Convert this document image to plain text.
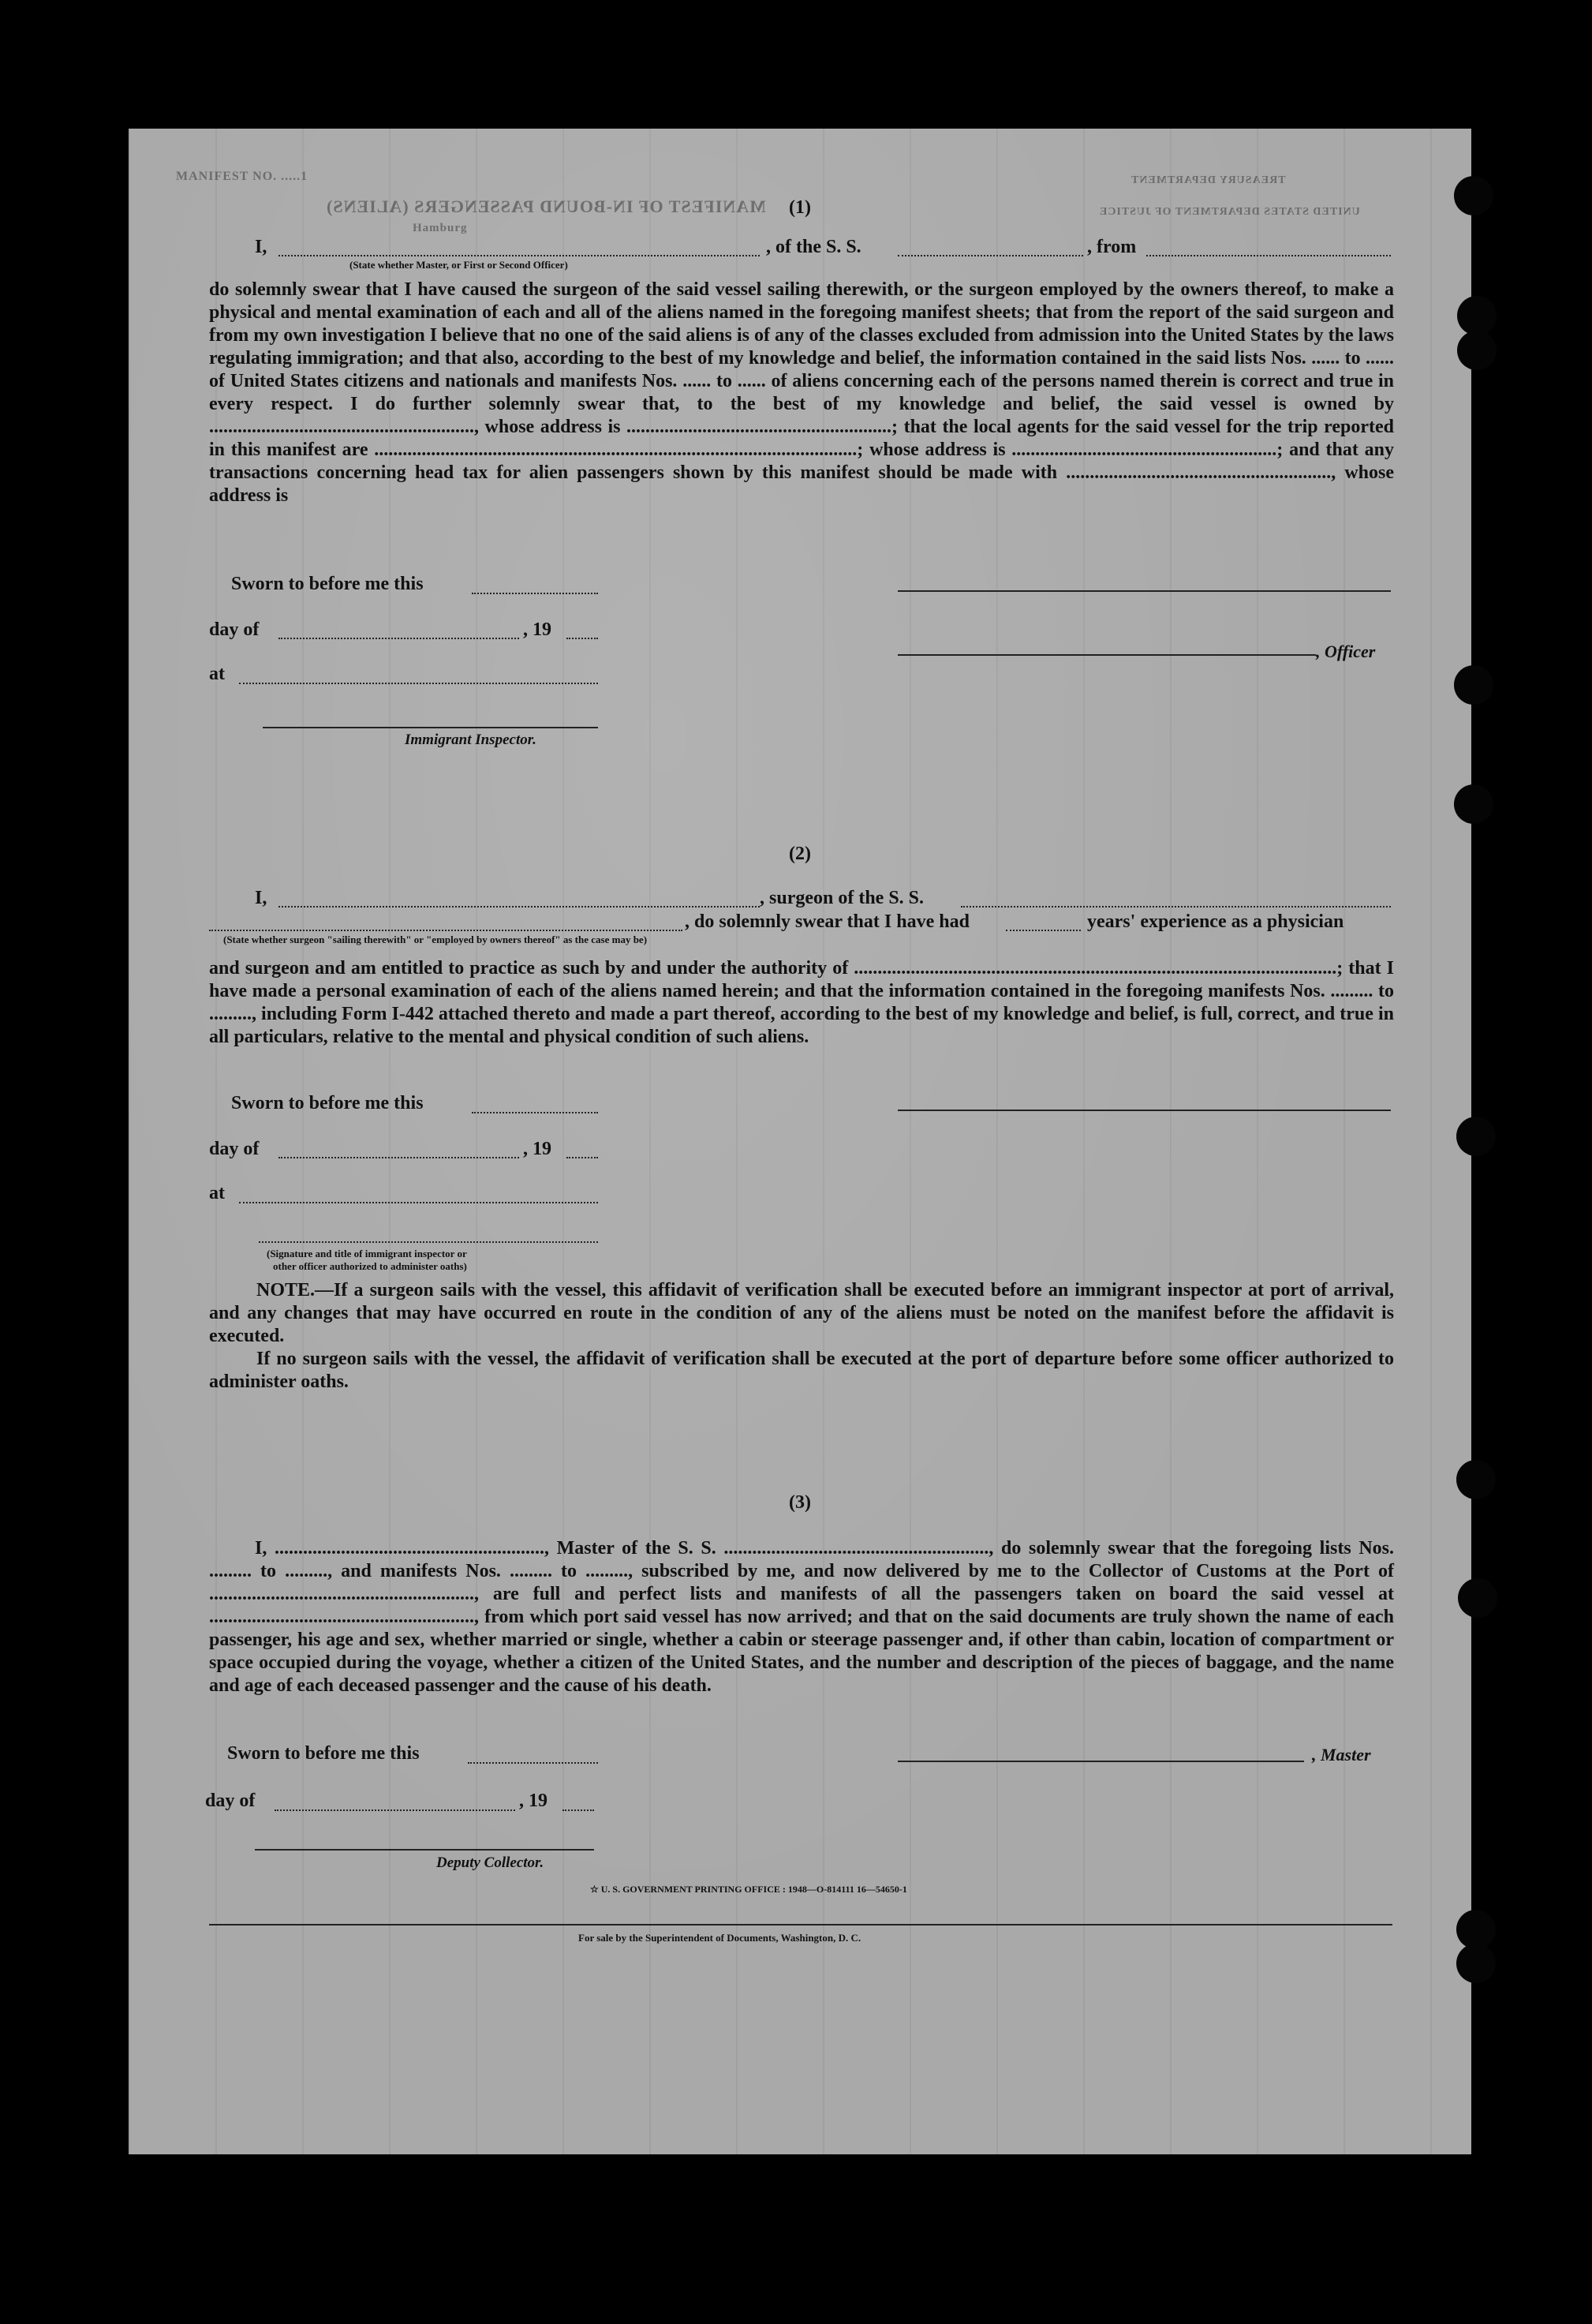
MANIFEST NO. .....1
MANIFEST OF IN-BOUND PASSENGERS (ALIENS)
Hamburg
TREASURY DEPARTMENT
UNITED STATES DEPARTMENT OF JUSTICE
(1)
I,	, of the S. S.	, from
(State whether Master, or First or Second Officer)

do solemnly swear that I have caused the surgeon of the said vessel sailing therewith, or the surgeon employed by the owners thereof, to make a physical and mental examination of each and all of the aliens named in the foregoing manifest sheets; that from the report of the said surgeon and from my own investigation I believe that no one of the said aliens is of any of the classes excluded from admission into the United States by the laws regulating immigration; and that also, according to the best of my knowledge and belief, the information contained in the said lists Nos. ...... to ...... of United States citizens and nationals and manifests Nos. ...... to ...... of aliens concerning each of the persons named therein is correct and true in every respect. I do further solemnly swear that, to the best of my knowledge and belief, the said vessel is owned by ........................................................, whose address is ........................................................; that the local agents for the said vessel for the trip reported in this manifest are ......................................................................................................; whose address is ........................................................; and that any transactions concerning head tax for alien passengers shown by this manifest should be made with ........................................................, whose address is

Sworn to before me this
day of	, 19
, Officer
at
Immigrant Inspector.
(2)
I,	, surgeon of the S. S.
, do solemnly swear that I have had	years' experience as a physician
(State whether surgeon "sailing therewith" or "employed by owners thereof" as the case may be)

and surgeon and am entitled to practice as such by and under the authority of ......................................................................................................; that I have made a personal examination of each of the aliens named herein; and that the information contained in the foregoing manifests Nos. ......... to ........., including Form I-442 attached thereto and made a part thereof, according to the best of my knowledge and belief, is full, correct, and true in all particulars, relative to the mental and physical condition of such aliens.

Sworn to before me this
day of	, 19
at
(Signature and title of immigrant inspector or
other officer authorized to administer oaths)

NOTE.—If a surgeon sails with the vessel, this affidavit of verification shall be executed before an immigrant inspector at port of arrival, and any changes that may have occurred en route in the condition of any of the aliens must be noted on the manifest before the affidavit is executed.

If no surgeon sails with the vessel, the affidavit of verification shall be executed at the port of departure before some officer authorized to administer oaths.

(3)

I, ........................................................., Master of the S. S. ........................................................, do solemnly swear that the foregoing lists Nos. ......... to ........., and manifests Nos. ......... to ........., subscribed by me, and now delivered by me to the Collector of Customs at the Port of ........................................................, are full and perfect lists and manifests of all the passengers taken on board the said vessel at ........................................................, from which port said vessel has now arrived; and that on the said documents are truly shown the name of each passenger, his age and sex, whether married or single, whether a cabin or steerage passenger and, if other than cabin, location of compartment or space occupied during the voyage, whether a citizen of the United States, and the number and description of the pieces of baggage, and the name and age of each deceased passenger and the cause of his death.

Sworn to before me this	, Master
day of	, 19
Deputy Collector.
☆ U. S. GOVERNMENT PRINTING OFFICE : 1948—O-814111 16—54650-1
For sale by the Superintendent of Documents, Washington, D. C.
